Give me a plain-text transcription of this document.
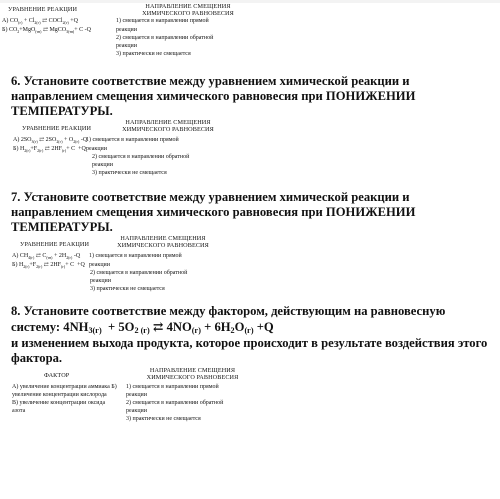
УРАВНЕНИЕ РЕАКЦИИ	НАПРАВЛЕНИЕ СМЕЩЕНИЯ
ХИМИЧЕСКОГО РАВНОВЕСИЯ
A) $CO_{(г)} + Cl_{2(г)}$ ⇄ COCl$_{2(г)}$ +Q
Б) $CO_2+MgO_{(тв)}$ ⇄ MgCO$_{3(тв)}$+ C -Q
1) смещается в направлении прямой
реакции
2) смещается в направлении обратной
реакции
3) практически не смещается
6. Установите соответствие между уравнением химической реакции и
направлением смещения химического равновесия при ПОНИЖЕНИИ
ТЕМПЕРАТУРЫ.
УРАВНЕНИЕ РЕАКЦИИ
НАПРАВЛЕНИЕ СМЕЩЕНИЯ
ХИМИЧЕСКОГО РАВНОВЕСИЯ
A) $2SO_{3(г)}$ ⇄ $2SO_{2(г)} + O_{2(г)}$ -Q
Б) $H_{2(г)}+F_{2(г)}$ ⇄ $2HF_{(г)}+ C +Q$
1) смещается в направлении прямой
реакции
2) смещается в направлении обратной
реакции
3) практически не смещается
7. Установите соответствие между уравнением химической реакции и
направлением смещения химического равновесия при ПОНИЖЕНИИ
ТЕМПЕРАТУРЫ.
УРАВНЕНИЕ РЕАКЦИИ
НАПРАВЛЕНИЕ СМЕЩЕНИЯ
ХИМИЧЕСКОГО РАВНОВЕСИЯ
A) $CH_{4(г)}$ ⇄ $C_{(тв)} + 2H_{2(г)}$ -Q
Б) $H_{2(г)}+F_{2(г)}$ ⇄ $2HF_{(г)}+ C +Q$
1) смещается в направлении прямой
реакции
2) смещается в направлении обратной
реакции
3) практически не смещается
8. Установите соответствие между фактором, действующим на равновесную
систему: $4NH_{3(г)} + 5O_{2 (г)}$ ⇄ $4NO_{(г)} + 6H_2O_{(г)} +Q$
и изменением выхода продукта, которое происходит в результате воздействия этого
фактора.
ФАКТОР
НАПРАВЛЕНИЕ СМЕЩЕНИЯ
ХИМИЧЕСКОГО РАВНОВЕСИЯ
A) увеличение концентрации аммиака Б)
увеличение концентрации кислорода
В) увеличение концентрации оксида
азота
1) смещается в направлении прямой
реакции
2) смещается в направлении обратной
реакции
3) практически не смещается
